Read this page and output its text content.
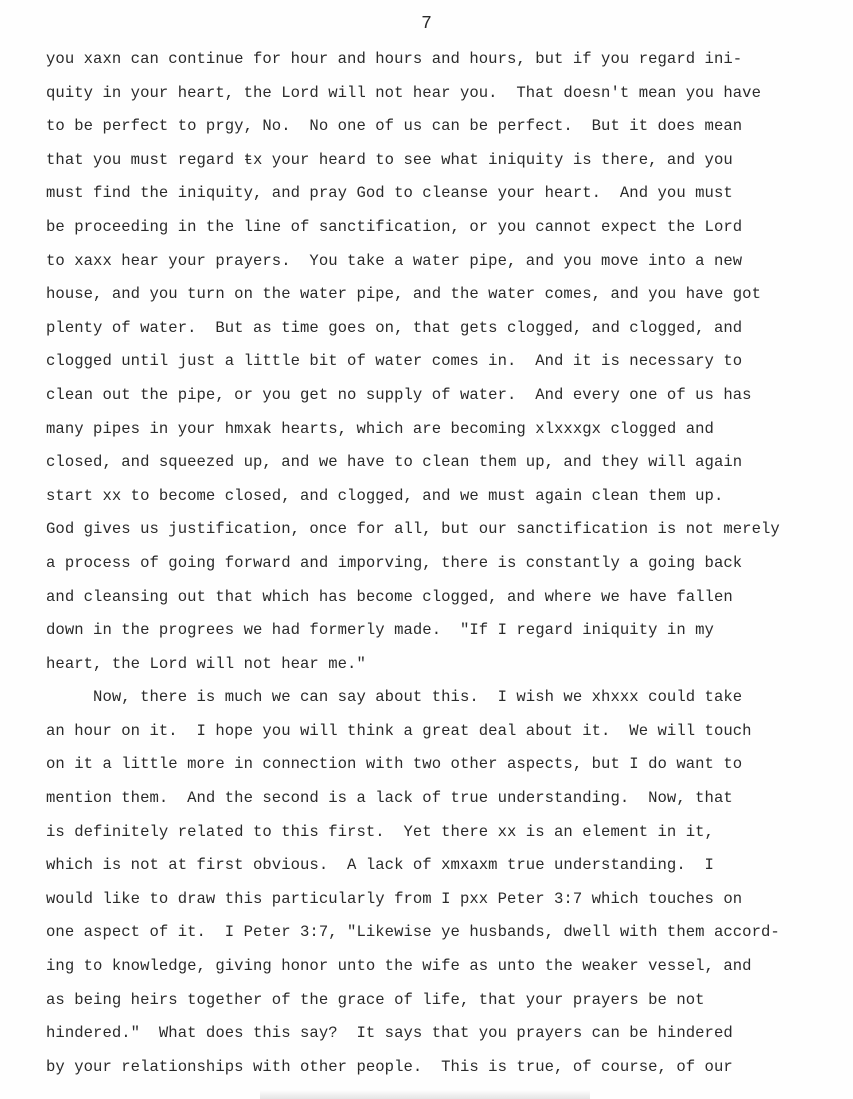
7
you xaxn can continue for hour and hours and hours, but if you regard ini-
quity in your heart, the Lord will not hear you.  That doesn't mean you have
to be perfect to prgy, No.  No one of us can be perfect.  But it does mean
that you must regard ŧx your heard to see what iniquity is there, and you
must find the iniquity, and pray God to cleanse your heart.  And you must
be proceeding in the line of sanctification, or you cannot expect the Lord
to xaxx hear your prayers.  You take a water pipe, and you move into a new
house, and you turn on the water pipe, and the water comes, and you have got
plenty of water.  But as time goes on, that gets clogged, and clogged, and
clogged until just a little bit of water comes in.  And it is necessary to
clean out the pipe, or you get no supply of water.  And every one of us has
many pipes in your hmxak hearts, which are becoming xlxxxgx clogged and
closed, and squeezed up, and we have to clean them up, and they will again
start xx to become closed, and clogged, and we must again clean them up.
God gives us justification, once for all, but our sanctification is not merely
a process of going forward and imporving, there is constantly a going back
and cleansing out that which has become clogged, and where we have fallen
down in the progrees we had formerly made.  "If I regard iniquity in my
heart, the Lord will not hear me."
Now, there is much we can say about this.  I wish we xhxxx could take
an hour on it.  I hope you will think a great deal about it.  We will touch
on it a little more in connection with two other aspects, but I do want to
mention them.  And the second is a lack of true understanding.  Now, that
is definitely related to this first.  Yet there xx is an element in it,
which is not at first obvious.  A lack of xmxaxm true understanding.  I
would like to draw this particularly from I pxx Peter 3:7 which touches on
one aspect of it.  I Peter 3:7, "Likewise ye husbands, dwell with them accord-
ing to knowledge, giving honor unto the wife as unto the weaker vessel, and
as being heirs together of the grace of life, that your prayers be not
hindered."  What does this say?  It says that you prayers can be hindered
by your relationships with other people.  This is true, of course, of our
